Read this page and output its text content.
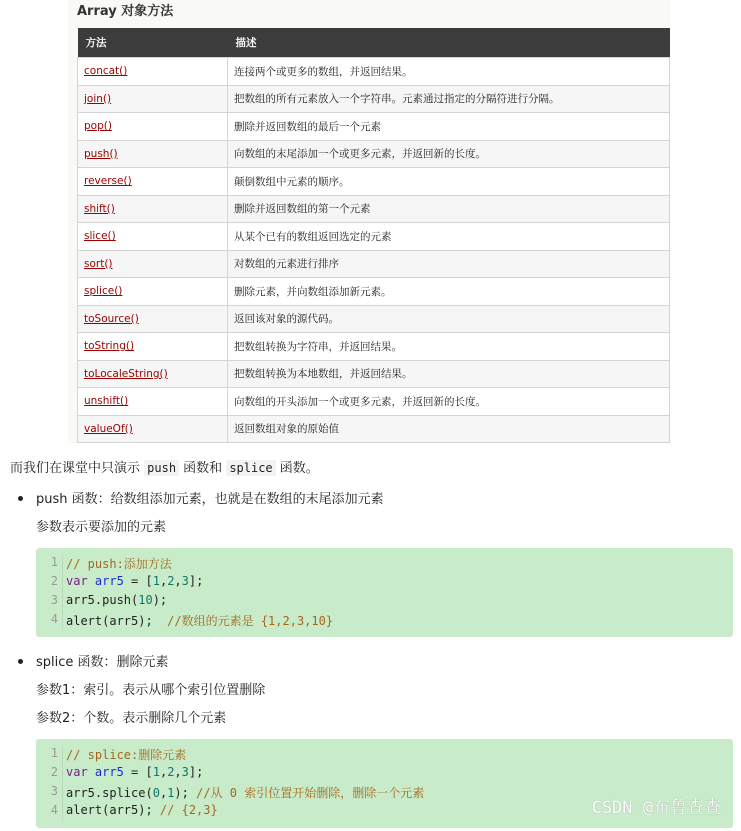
Array 对象方法
方法	描述
concat()	连接两个或更多的数组，并返回结果。
join()	把数组的所有元素放入一个字符串。元素通过指定的分隔符进行分隔。
pop()	删除并返回数组的最后一个元素
push()	向数组的末尾添加一个或更多元素，并返回新的长度。
reverse()	颠倒数组中元素的顺序。
shift()	删除并返回数组的第一个元素
slice()	从某个已有的数组返回选定的元素
sort()	对数组的元素进行排序
splice()	删除元素，并向数组添加新元素。
toSource()	返回该对象的源代码。
toString()	把数组转换为字符串，并返回结果。
toLocaleString()	把数组转换为本地数组，并返回结果。
unshift()	向数组的开头添加一个或更多元素，并返回新的长度。
valueOf()	返回数组对象的原始值
而我们在课堂中只演示 push 函数和 splice 函数。
push 函数：给数组添加元素，也就是在数组的末尾添加元素
参数表示要添加的元素
1 // push:添加方法
2 var arr5 = [1,2,3];
3 arr5.push(10);
4 alert(arr5);  //数组的元素是 {1,2,3,10}
splice 函数：删除元素
参数1：索引。表示从哪个索引位置删除
参数2：个数。表示删除几个元素
CSDN @布鲁查查
1 // splice:删除元素
2 var arr5 = [1,2,3];
3 arr5.splice(0,1); //从 0 索引位置开始删除，删除一个元素
4 alert(arr5); // {2,3}
